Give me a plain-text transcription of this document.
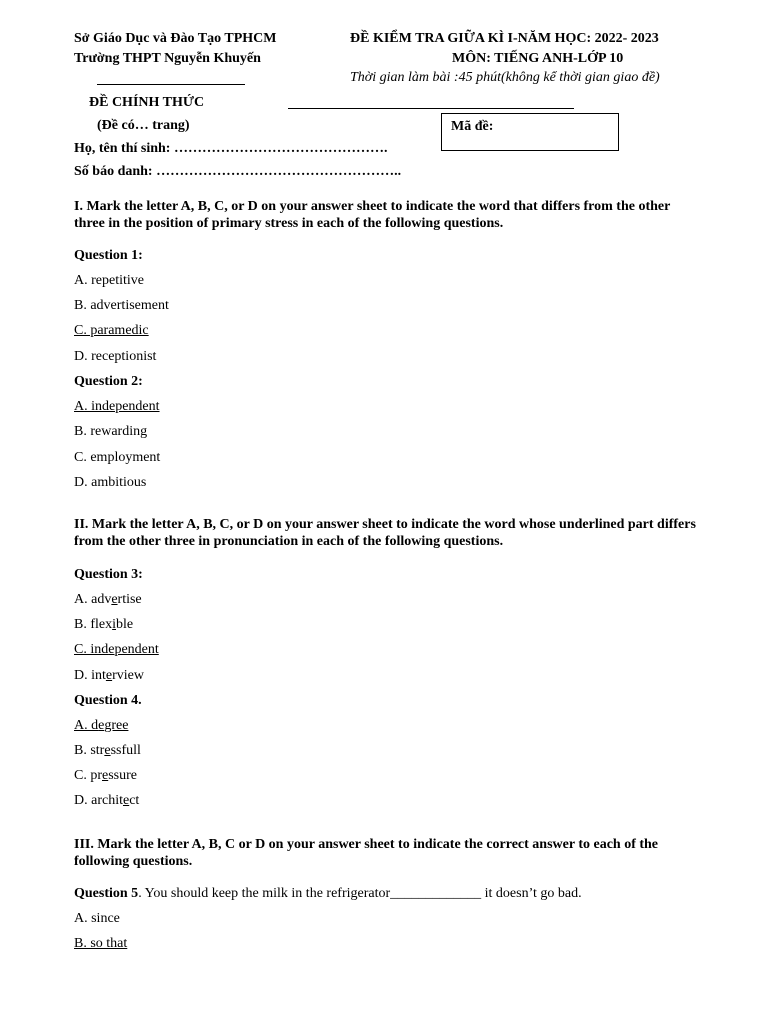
Sở Giáo Dục và Đào Tạo TPHCM
Trường THPT Nguyễn Khuyến
ĐỀ KIỂM TRA GIỮA KÌ I-NĂM HỌC: 2022- 2023
MÔN: TIẾNG ANH-LỚP 10
Thời gian làm bài :45 phút(không kể thời gian giao đề)
ĐỀ CHÍNH THỨC
(Đề có… trang)	Mã đề:
Họ, tên thí sinh: ……………………………………….
Số báo danh: ……………………………………………..
I. Mark the letter A, B, C, or D on your answer sheet to indicate the word that differs from the other three in the position of primary stress in each of the following questions.
Question 1:
A. repetitive
B. advertisement
C. paramedic
D. receptionist
Question 2:
A. independent
B. rewarding
C. employment
D. ambitious
II. Mark the letter A, B, C, or D on your answer sheet to indicate the word whose underlined part differs from the other three in pronunciation in each of the following questions.
Question 3:
A. advertise
B. flexible
C. independent
D. interview
Question 4.
A. degree
B. stressfull
C. pressure
D. architect
III. Mark the letter A, B, C or D on your answer sheet to indicate the correct answer to each of the following questions.
Question 5. You should keep the milk in the refrigerator_____________ it doesn’t go bad.
A. since
B. so that
